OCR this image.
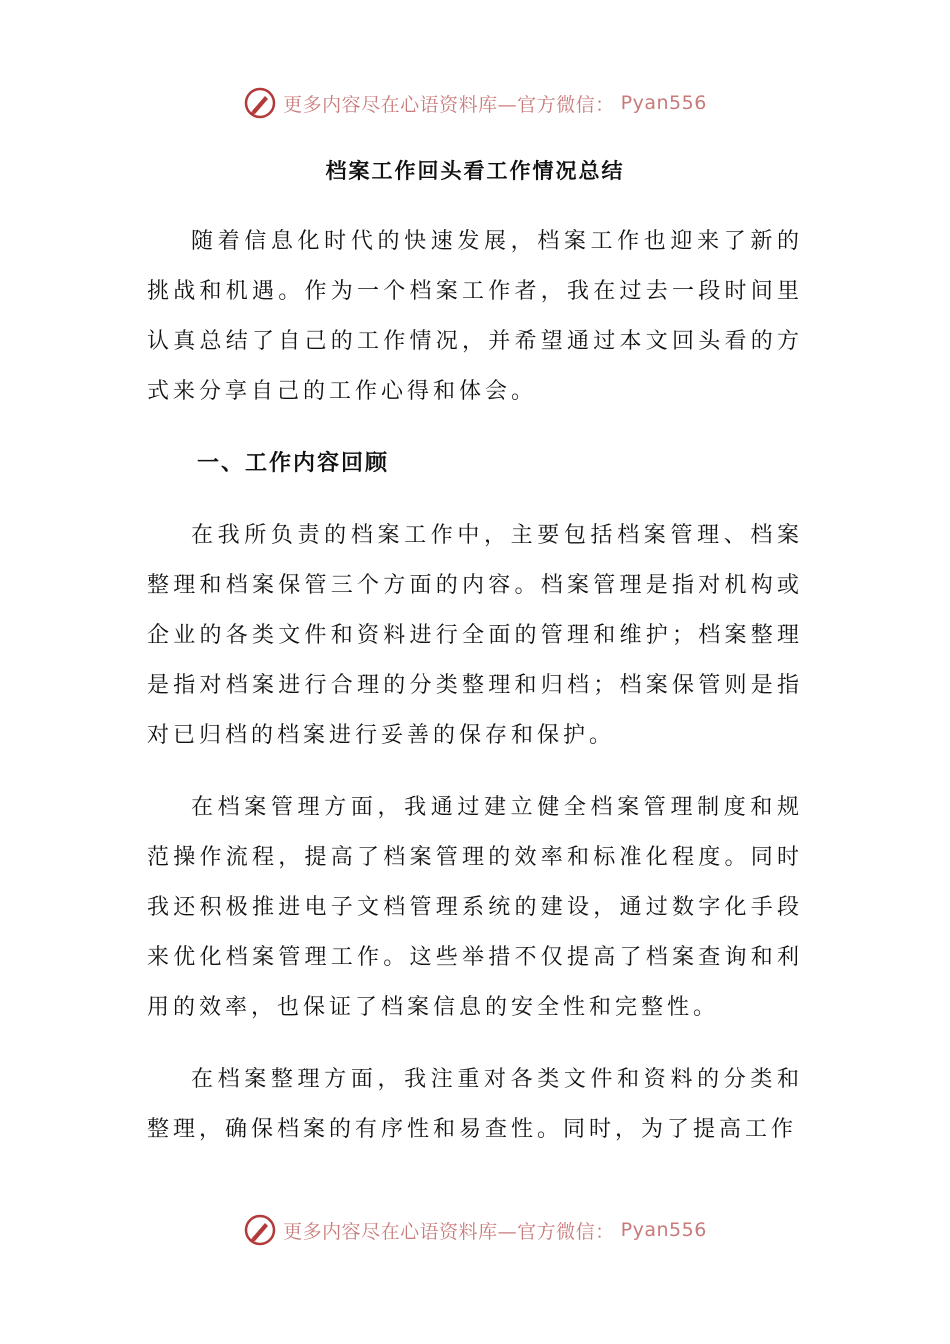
更多内容尽在心语资料库—官方微信： Pyan556
档案工作回头看工作情况总结

随着信息化时代的快速发展，档案工作也迎来了新的挑战和机遇。作为一个档案工作者，我在过去一段时间里认真总结了自己的工作情况，并希望通过本文回头看的方式来分享自己的工作心得和体会。

一、工作内容回顾

在我所负责的档案工作中，主要包括档案管理、档案整理和档案保管三个方面的内容。档案管理是指对机构或企业的各类文件和资料进行全面的管理和维护；档案整理是指对档案进行合理的分类整理和归档；档案保管则是指对已归档的档案进行妥善的保存和保护。

在档案管理方面，我通过建立健全档案管理制度和规范操作流程，提高了档案管理的效率和标准化程度。同时我还积极推进电子文档管理系统的建设，通过数字化手段来优化档案管理工作。这些举措不仅提高了档案查询和利用的效率，也保证了档案信息的安全性和完整性。

在档案整理方面，我注重对各类文件和资料的分类和整理，确保档案的有序性和易查性。同时，为了提高工作

更多内容尽在心语资料库—官方微信： Pyan556
